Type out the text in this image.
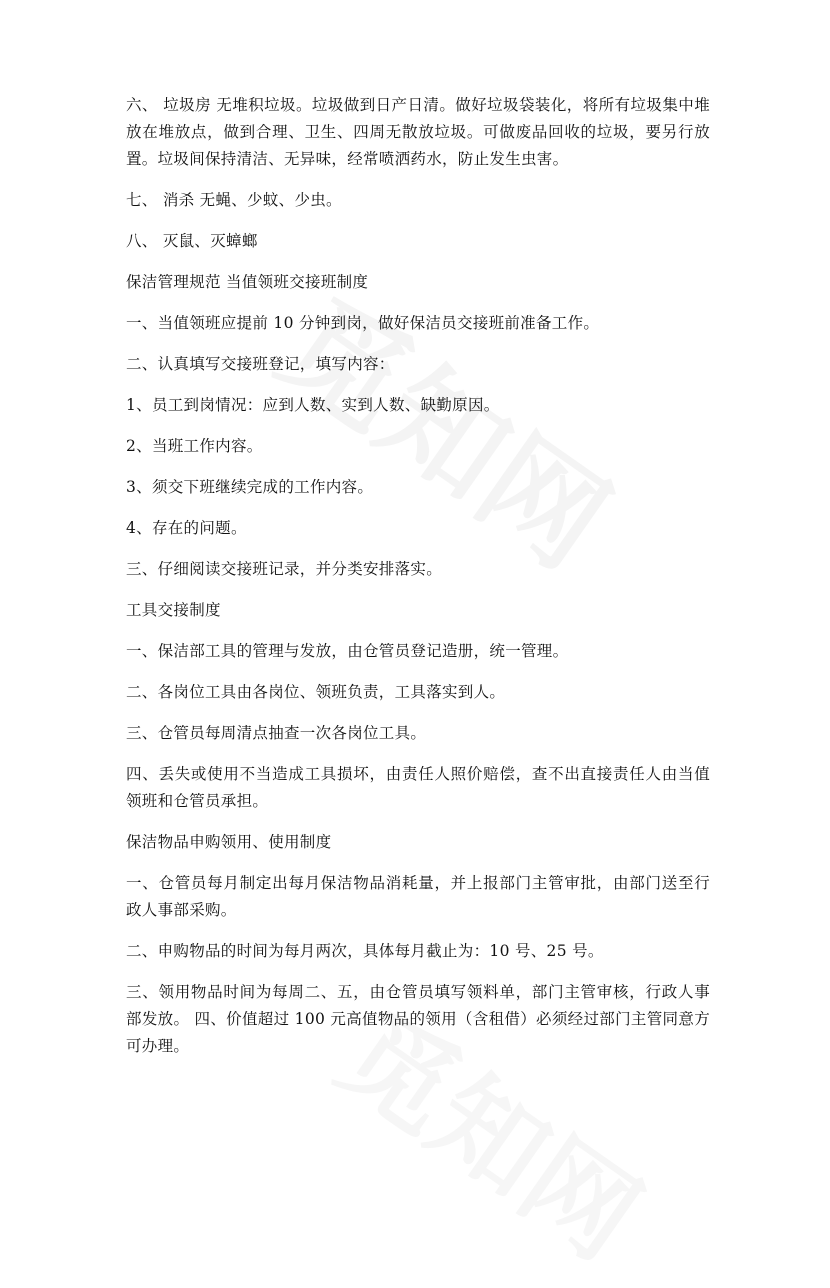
六、 垃圾房 无堆积垃圾。垃圾做到日产日清。做好垃圾袋装化，将所有垃圾集中堆放在堆放点，做到合理、卫生、四周无散放垃圾。可做废品回收的垃圾，要另行放置。垃圾间保持清洁、无异味，经常喷洒药水，防止发生虫害。

七、 消杀 无蝇、少蚊、少虫。

八、 灭鼠、灭蟑螂

保洁管理规范 当值领班交接班制度

一、当值领班应提前 10 分钟到岗，做好保洁员交接班前准备工作。

二、认真填写交接班登记，填写内容：

1、员工到岗情况：应到人数、实到人数、缺勤原因。

2、当班工作内容。

3、须交下班继续完成的工作内容。

4、存在的问题。

三、仔细阅读交接班记录，并分类安排落实。

工具交接制度

一、保洁部工具的管理与发放，由仓管员登记造册，统一管理。

二、各岗位工具由各岗位、领班负责，工具落实到人。

三、仓管员每周清点抽查一次各岗位工具。

四、丢失或使用不当造成工具损坏，由责任人照价赔偿，查不出直接责任人由当值领班和仓管员承担。

保洁物品申购领用、使用制度

一、仓管员每月制定出每月保洁物品消耗量，并上报部门主管审批，由部门送至行政人事部采购。

二、申购物品的时间为每月两次，具体每月截止为：10 号、25 号。

三、领用物品时间为每周二、五，由仓管员填写领料单，部门主管审核，行政人事部发放。 四、价值超过 100 元高值物品的领用（含租借）必须经过部门主管同意方可办理。
